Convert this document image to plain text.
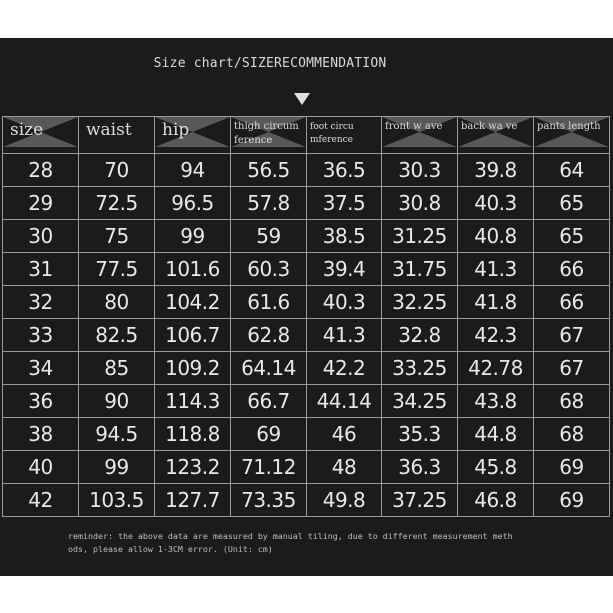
Size chart/SIZERECOMMENDATION
size	waist	hip	thigh circum ference	foot circu mference	front w ave	back wa ve	pants length

28	70	94	56.5	36.5	30.3	39.8	64
29	72.5	96.5	57.8	37.5	30.8	40.3	65
30	75	99	59	38.5	31.25	40.8	65
31	77.5	101.6	60.3	39.4	31.75	41.3	66
32	80	104.2	61.6	40.3	32.25	41.8	66
33	82.5	106.7	62.8	41.3	32.8	42.3	67
34	85	109.2	64.14	42.2	33.25	42.78	67
36	90	114.3	66.7	44.14	34.25	43.8	68
38	94.5	118.8	69	46	35.3	44.8	68
40	99	123.2	71.12	48	36.3	45.8	69
42	103.5	127.7	73.35	49.8	37.25	46.8	69
reminder: the above data are measured by manual tiling, due to different measurement meth
ods, please allow 1-3CM error. (Unit: cm)
